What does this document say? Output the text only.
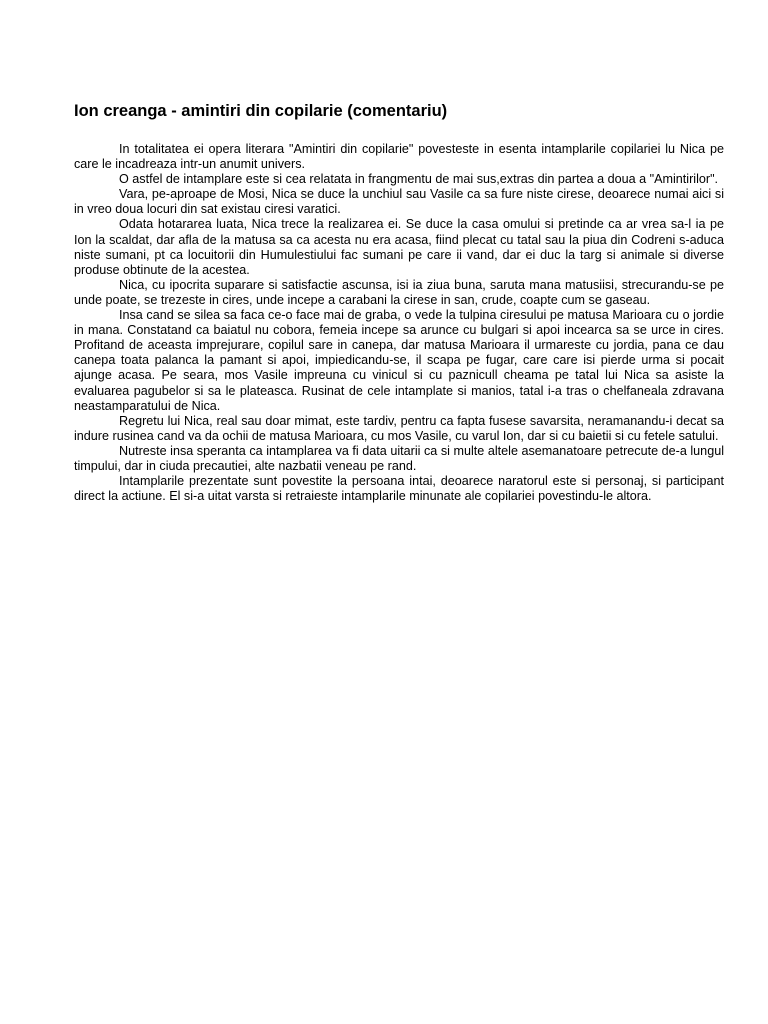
Ion creanga - amintiri din copilarie (comentariu)

In totalitatea ei opera literara "Amintiri din copilarie" povesteste in esenta intamplarile copilariei lu Nica pe care le incadreaza intr-un anumit univers.

O astfel de intamplare este si cea relatata in frangmentu de mai sus,extras din partea a doua a "Amintirilor".

Vara, pe-aproape de Mosi, Nica se duce la unchiul sau Vasile ca sa fure niste cirese, deoarece numai aici si in vreo doua locuri din sat existau ciresi varatici.

Odata hotararea luata, Nica trece la realizarea ei. Se duce la casa omului si pretinde ca ar vrea sa-l ia pe Ion la scaldat, dar afla de la matusa sa ca acesta nu era acasa, fiind plecat cu tatal sau la piua din Codreni s-aduca niste sumani, pt ca locuitorii din Humulestiului fac sumani pe care ii vand, dar ei duc la targ si animale si diverse produse obtinute de la acestea.

Nica, cu ipocrita suparare si satisfactie ascunsa, isi ia ziua buna, saruta mana matusiisi, strecurandu-se pe unde poate, se trezeste in cires, unde incepe a carabani la cirese in san, crude, coapte cum se gaseau.

Insa cand se silea sa faca ce-o face mai de graba, o vede la tulpina ciresului pe matusa Marioara cu o jordie in mana. Constatand ca baiatul nu cobora, femeia incepe sa arunce cu bulgari si apoi incearca sa se urce in cires. Profitand de aceasta imprejurare, copilul sare in canepa, dar matusa Marioara il urmareste cu jordia, pana ce dau canepa toata palanca la pamant si apoi, impiedicandu-se, il scapa pe fugar, care care isi pierde urma si pocait ajunge acasa. Pe seara, mos Vasile impreuna cu vinicul si cu paznicull cheama pe tatal lui Nica sa asiste la evaluarea pagubelor si sa le plateasca. Rusinat de cele intamplate si manios, tatal i-a tras o chelfaneala zdravana neastamparatului de Nica.

Regretu lui Nica, real sau doar mimat, este tardiv, pentru ca fapta fusese savarsita, neramanandu-i decat sa indure rusinea cand va da ochii de matusa Marioara, cu mos Vasile, cu varul Ion, dar si cu baietii si cu fetele satului.

Nutreste insa speranta ca intamplarea va fi data uitarii ca si multe altele asemanatoare petrecute de-a lungul timpului, dar in ciuda precautiei, alte nazbatii veneau pe rand.

Intamplarile prezentate sunt povestite la persoana intai, deoarece naratorul este si personaj, si participant direct la actiune. El si-a uitat varsta si retraieste intamplarile minunate ale copilariei povestindu-le altora.
